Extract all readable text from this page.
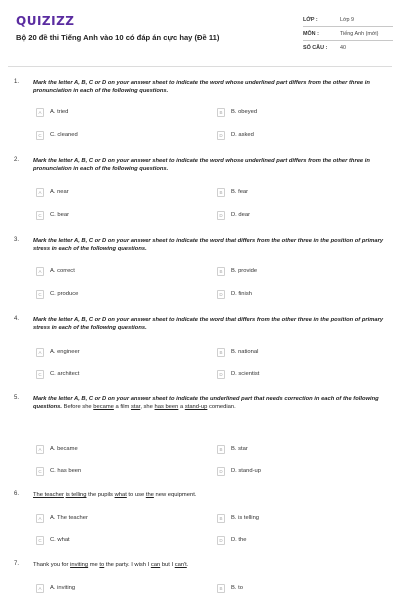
QUIZIZZ
Bộ 20 đề thi Tiếng Anh vào 10 có đáp án cực hay (Đề 11)
LỚP :	Lớp 9
MÔN :	Tiếng Anh (mới)
SỐ CÂU :	40
1. Mark the letter A, B, C or D on your answer sheet to indicate the word whose underlined part differs from the other three in pronunciation in each of the following questions.
A	A. tried	B	B. obeyed
C	C. cleaned	D	D. asked
2. Mark the letter A, B, C or D on your answer sheet to indicate the word whose underlined part differs from the other three in pronunciation in each of the following questions.
A	A. near	B	B. fear
C	C. bear	D	D. dear
3. Mark the letter A, B, C or D on your answer sheet to indicate the word that differs from the other three in the position of primary stress in each of the following questions.
A	A. correct	B	B. provide
C	C. produce	D	D. finish
4. Mark the letter A, B, C or D on your answer sheet to indicate the word that differs from the other three in the position of primary stress in each of the following questions.
A	A. engineer	B	B. national
C	C. architect	D	D. scientist
5. Mark the letter A, B, C or D on your answer sheet to indicate the underlined part that needs correction in each of the following questions. Before she became a film star, she has been a stand-up comedian.
A	A. became	B	B. star
C	C. has been	D	D. stand-up
6. The teacher is telling the pupils what to use the new equipment.
A	A. The teacher	B	B. is telling
C	C. what	D	D. the
7. Thank you for inviting me to the party. I wish I can but I can't.
A	A. inviting	B	B. to
